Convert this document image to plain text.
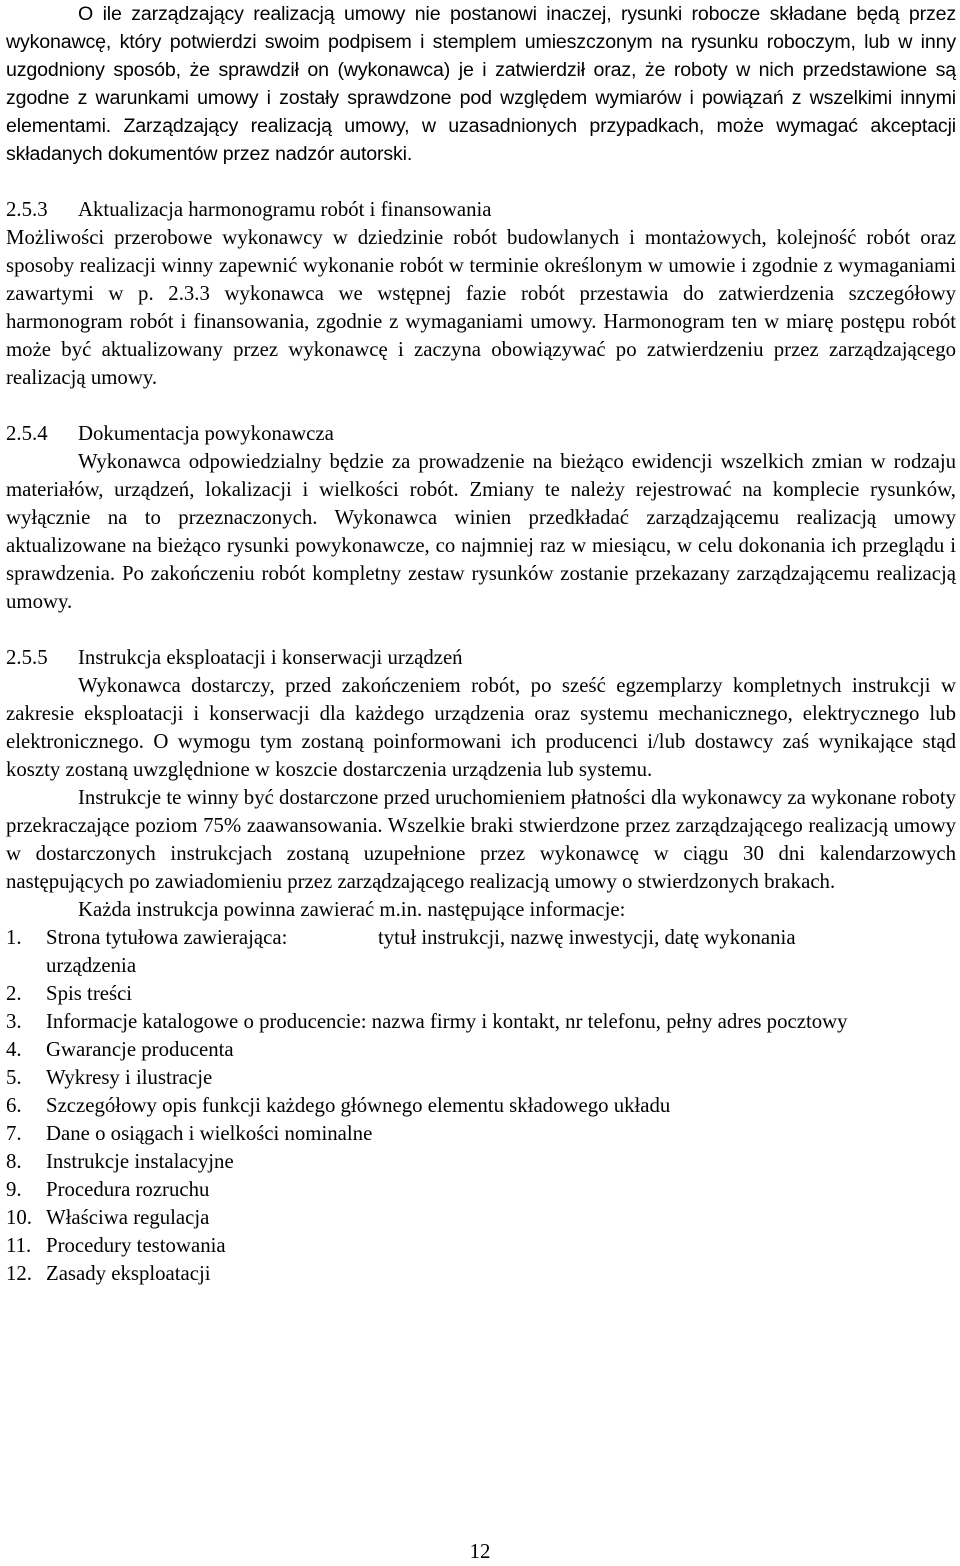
O ile zarządzający realizacją umowy nie postanowi inaczej, rysunki robocze składane będą przez wykonawcę, który potwierdzi swoim podpisem i stemplem umieszczonym na rysunku roboczym, lub w inny uzgodniony sposób, że sprawdził on (wykonawca) je i zatwierdził oraz, że roboty w nich przedstawione są zgodne z warunkami umowy i zostały sprawdzone pod względem wymiarów i powiązań z wszelkimi innymi elementami. Zarządzający realizacją umowy, w uzasadnionych przypadkach, może wymagać akceptacji składanych dokumentów przez nadzór autorski.

2.5.3	Aktualizacja harmonogramu robót i finansowania

Możliwości przerobowe wykonawcy w dziedzinie robót budowlanych i montażowych, kolejność robót oraz sposoby realizacji winny zapewnić wykonanie robót w terminie określonym w umowie i zgodnie z wymaganiami zawartymi w p. 2.3.3 wykonawca we wstępnej fazie robót przestawia do zatwierdzenia szczegółowy harmonogram robót i finansowania, zgodnie z wymaganiami umowy. Harmonogram ten w miarę postępu robót może być aktualizowany przez wykonawcę i zaczyna obowiązywać po zatwierdzeniu przez zarządzającego realizacją umowy.

2.5.4	Dokumentacja powykonawcza

Wykonawca odpowiedzialny będzie za prowadzenie na bieżąco ewidencji wszelkich zmian w rodzaju materiałów, urządzeń, lokalizacji i wielkości robót. Zmiany te należy rejestrować na komplecie rysunków, wyłącznie na to przeznaczonych. Wykonawca winien przedkładać zarządzającemu realizacją umowy aktualizowane na bieżąco rysunki powykonawcze, co najmniej raz w miesiącu, w celu dokonania ich przeglądu i sprawdzenia. Po zakończeniu robót kompletny zestaw rysunków zostanie przekazany zarządzającemu realizacją umowy.

2.5.5	Instrukcja eksploatacji i konserwacji urządzeń

Wykonawca dostarczy, przed zakończeniem robót, po sześć egzemplarzy kompletnych instrukcji w zakresie eksploatacji i konserwacji dla każdego urządzenia oraz systemu mechanicznego, elektrycznego lub elektronicznego. O wymogu tym zostaną poinformowani ich producenci i/lub dostawcy zaś wynikające stąd koszty zostaną uwzględnione w koszcie dostarczenia urządzenia lub systemu.

Instrukcje te winny być dostarczone przed uruchomieniem płatności dla wykonawcy za wykonane roboty przekraczające poziom 75% zaawansowania. Wszelkie braki stwierdzone przez zarządzającego realizacją umowy w dostarczonych instrukcjach zostaną uzupełnione przez wykonawcę w ciągu 30 dni kalendarzowych następujących po zawiadomieniu przez zarządzającego realizacją umowy o stwierdzonych brakach.

Każda instrukcja powinna zawierać m.in. następujące informacje:

1.	Strona tytułowa zawierająca:	tytuł instrukcji, nazwę inwestycji, datę wykonania urządzenia
2.	Spis treści
3.	Informacje katalogowe o producencie: nazwa firmy i kontakt, nr telefonu, pełny adres pocztowy
4.	Gwarancje producenta
5.	Wykresy i ilustracje
6.	Szczegółowy opis funkcji każdego głównego elementu składowego układu
7.	Dane o osiągach i wielkości nominalne
8.	Instrukcje instalacyjne
9.	Procedura rozruchu
10. Właściwa regulacja
11. Procedury testowania
12. Zasady eksploatacji
12
